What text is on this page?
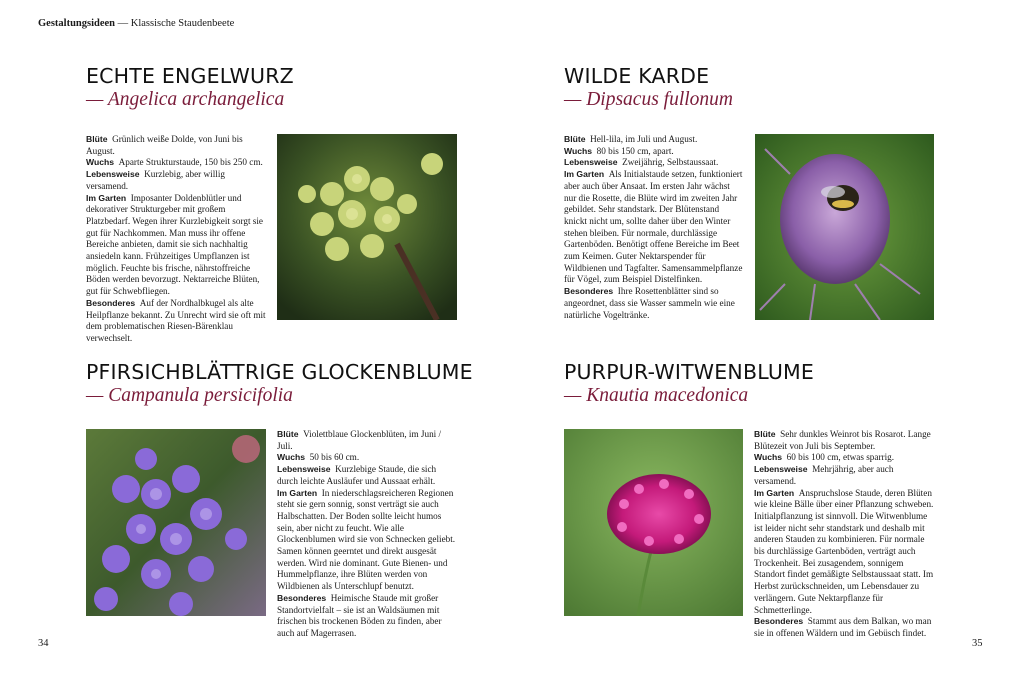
Gestaltungsideen — Klassische Staudenbeete
ECHTE ENGELWURZ
— Angelica archangelica

Blüte  Grünlich weiße Dolde, von Juni bis August.

Wuchs  Aparte Strukturstaude, 150 bis 250 cm.

Lebensweise  Kurzlebig, aber willig versamend.

Im Garten  Imposanter Doldenblütler und dekorativer Strukturgeber mit großem Platzbedarf. Wegen ihrer Kurzlebigkeit sorgt sie gut für Nachkommen. Man muss ihr offene Bereiche anbieten, damit sie sich nachhaltig ansiedeln kann. Frühzeitiges Umpflanzen ist möglich. Feuchte bis frische, nährstoffreiche Böden werden bevorzugt. Nektarreiche Blüten, gut für Schwebfliegen.

Besonderes  Auf der Nordhalbkugel als alte Heilpflanze bekannt. Zu Unrecht wird sie oft mit dem problematischen Riesen-Bärenklau verwechselt.

WILDE KARDE
— Dipsacus fullonum

Blüte  Hell-lila, im Juli und August.

Wuchs  80 bis 150 cm, apart.

Lebensweise  Zweijährig, Selbstaussaat.

Im Garten  Als Initialstaude setzen, funktioniert aber auch über Ansaat. Im ersten Jahr wächst nur die Rosette, die Blüte wird im zweiten Jahr gebildet. Sehr standstark. Der Blütenstand knickt nicht um, sollte daher über den Winter stehen bleiben. Für normale, durchlässige Gartenböden. Benötigt offene Bereiche im Beet zum Keimen. Guter Nektarspender für Wildbienen und Tagfalter. Samensammelpflanze für Vögel, zum Beispiel Distelfinken.

Besonderes  Ihre Rosettenblätter sind so angeordnet, dass sie Wasser sammeln wie eine natürliche Vogeltränke.

PFIRSICHBLÄTTRIGE GLOCKENBLUME
— Campanula persicifolia

Blüte  Violettblaue Glockenblüten, im Juni / Juli.

Wuchs  50 bis 60 cm.

Lebensweise  Kurzlebige Staude, die sich durch leichte Ausläufer und Aussaat erhält.

Im Garten  In niederschlagsreicheren Regionen steht sie gern sonnig, sonst verträgt sie auch Halbschatten. Der Boden sollte leicht humos sein, aber nicht zu feucht. Wie alle Glockenblumen wird sie von Schnecken geliebt. Samen können geerntet und direkt ausgesät werden. Wird nie dominant. Gute Bienen- und Hummelpflanze, ihre Blüten werden von Wildbienen als Unterschlupf benutzt.

Besonderes  Heimische Staude mit großer Standortvielfalt – sie ist an Waldsäumen mit frischen bis trockenen Böden zu finden, aber auch auf Magerrasen.

PURPUR-WITWENBLUME
— Knautia macedonica

Blüte  Sehr dunkles Weinrot bis Rosarot. Lange Blütezeit von Juli bis September.

Wuchs  60 bis 100 cm, etwas sparrig.

Lebensweise  Mehrjährig, aber auch versamend.

Im Garten  Anspruchslose Staude, deren Blüten wie kleine Bälle über einer Pflanzung schweben. Initialpflanzung ist sinnvoll. Die Witwenblume ist leider nicht sehr standstark und deshalb mit anderen Stauden zu kombinieren. Für normale bis durchlässige Gartenböden, verträgt auch Trockenheit. Bei zusagendem, sonnigem Standort findet gemäßigte Selbstaussaat statt. Im Herbst zurückschneiden, um Lebensdauer zu verlängern. Gute Nektarpflanze für Schmetterlinge.

Besonderes  Stammt aus dem Balkan, wo man sie in offenen Wäldern und im Gebüsch findet.

34	35
